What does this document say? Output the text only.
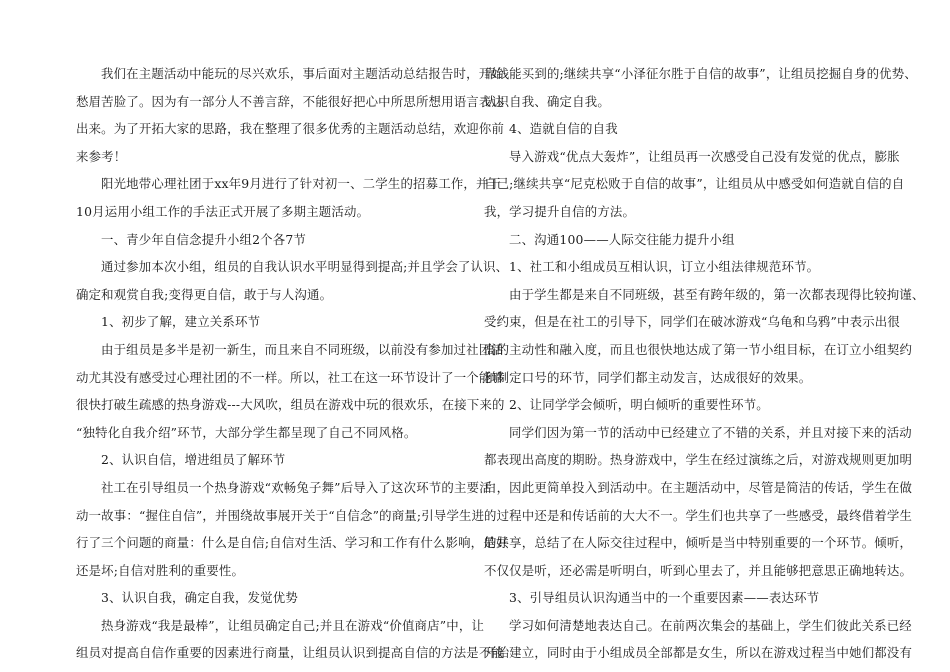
我们在主题活动中能玩的尽兴欢乐，事后面对主题活动总结报告时，开始
愁眉苦脸了。因为有一部分人不善言辞，不能很好把心中所思所想用语言表达
出来。为了开拓大家的思路，我在整理了很多优秀的主题活动总结，欢迎你前
来参考！
阳光地带心理社团于xx年9月进行了针对初一、二学生的招募工作，并于
10月运用小组工作的手法正式开展了多期主题活动。
一、青少年自信念提升小组2个各7节
通过参加本次小组，组员的自我认识水平明显得到提高;并且学会了认识、
确定和观赏自我;变得更自信，敢于与人沟通。
1、初步了解，建立关系环节
由于组员是多半是初一新生，而且来自不同班级，以前没有参加过社团活
动尤其没有感受过心理社团的不一样。所以，社工在这一环节设计了一个能够
很快打破生疏感的热身游戏---大风吹，组员在游戏中玩的很欢乐，在接下来的
“独特化自我介绍”环节，大部分学生都呈现了自己不同风格。
2、认识自信，增进组员了解环节
社工在引导组员一个热身游戏“欢畅兔子舞”后导入了这次环节的主要活
动一故事：“握住自信”，并围绕故事展开关于“自信念”的商量;引导学生进
行了三个问题的商量：什么是自信;自信对生活、学习和工作有什么影响，是好
还是坏;自信对胜利的重要性。
3、认识自我，确定自我，发觉优势
热身游戏“我是最棒”，让组员确定自己;并且在游戏“价值商店”中，让
组员对提高自信作重要的因素进行商量，让组员认识到提高自信的方法是不能
靠钱能买到的;继续共享“小泽征尔胜于自信的故事”，让组员挖掘自身的优势、
认识自我、确定自我。
4、造就自信的自我
导入游戏“优点大轰炸”，让组员再一次感受自己没有发觉的优点，膨胀
自己;继续共享“尼克松败于自信的故事”，让组员从中感受如何造就自信的自
我，学习提升自信的方法。
二、沟通100——人际交往能力提升小组
1、社工和小组成员互相认识，订立小组法律规范环节。
由于学生都是来自不同班级，甚至有跨年级的，第一次都表现得比较拘谨、
受约束，但是在社工的引导下，同学们在破冰游戏“乌龟和乌鸦”中表示出很
高的主动性和融入度，而且也很快地达成了第一节小组目标，在订立小组契约
和制定口号的环节，同学们都主动发言，达成很好的效果。
2、让同学学会倾听，明白倾听的重要性环节。
同学们因为第一节的活动中已经建立了不错的关系，并且对接下来的活动
都表现出高度的期盼。热身游戏中，学生在经过演练之后，对游戏规则更加明
白，因此更简单投入到活动中。在主题活动中，尽管是简洁的传话，学生在做
的过程中还是和传话前的大大不一。学生们也共享了一些感受，最终借着学生
的共享，总结了在人际交往过程中，倾听是当中特别重要的一个环节。倾听，
不仅仅是听，还必需是听明白，听到心里去了，并且能够把意思正确地转达。
3、引导组员认识沟通当中的一个重要因素——表达环节
学习如何清楚地表达自己。在前两次集会的基础上，学生们彼此关系已经
开始建立，同时由于小组成员全部都是女生，所以在游戏过程当中她们都没有
